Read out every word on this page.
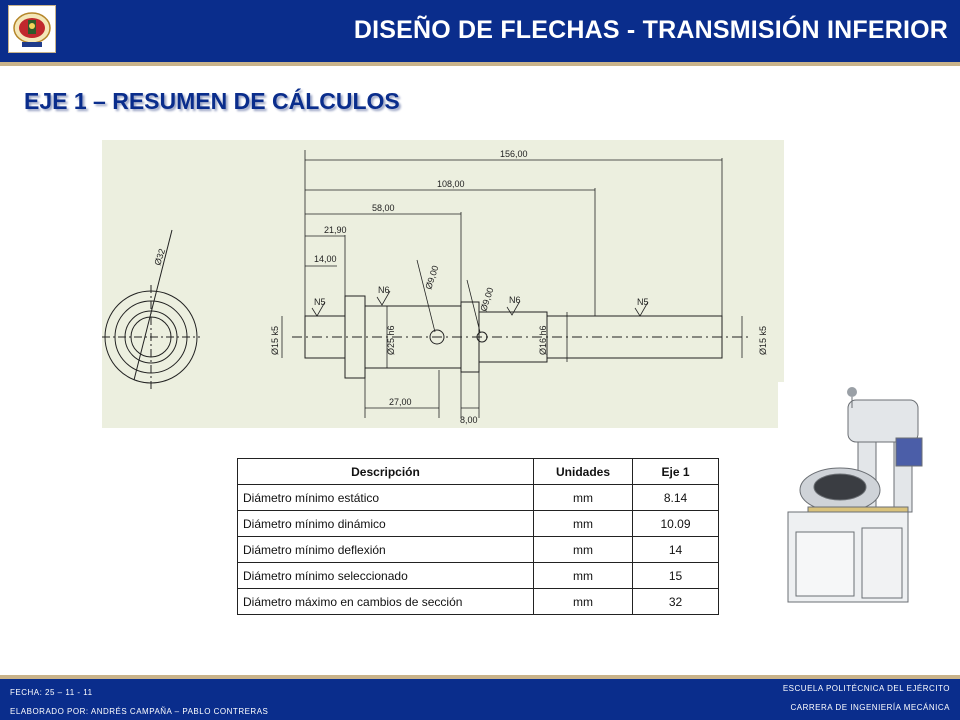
DISEÑO DE FLECHAS - TRANSMISIÓN INFERIOR
EJE 1 – RESUMEN DE CÁLCULOS
Ø32
156,00
108,00
58,00
21,90
14,00
27,00
8,00
Ø15 k5	Ø25 h6	Ø16 h6	Ø15 k5
Ø9,00
Ø9,00
N5
N6
N6	N5
Descripción	Unidades	Eje 1
Diámetro mínimo estático	mm	8.14
Diámetro mínimo dinámico	mm	10.09
Diámetro mínimo deflexión	mm	14
Diámetro mínimo seleccionado	mm	15
Diámetro máximo en cambios de sección	mm	32
FECHA: 25 – 11 - 11
ELABORADO POR: ANDRÉS CAMPAÑA – PABLO CONTRERAS
ESCUELA POLITÉCNICA DEL EJÉRCITO
CARRERA DE INGENIERÍA MECÁNICA
